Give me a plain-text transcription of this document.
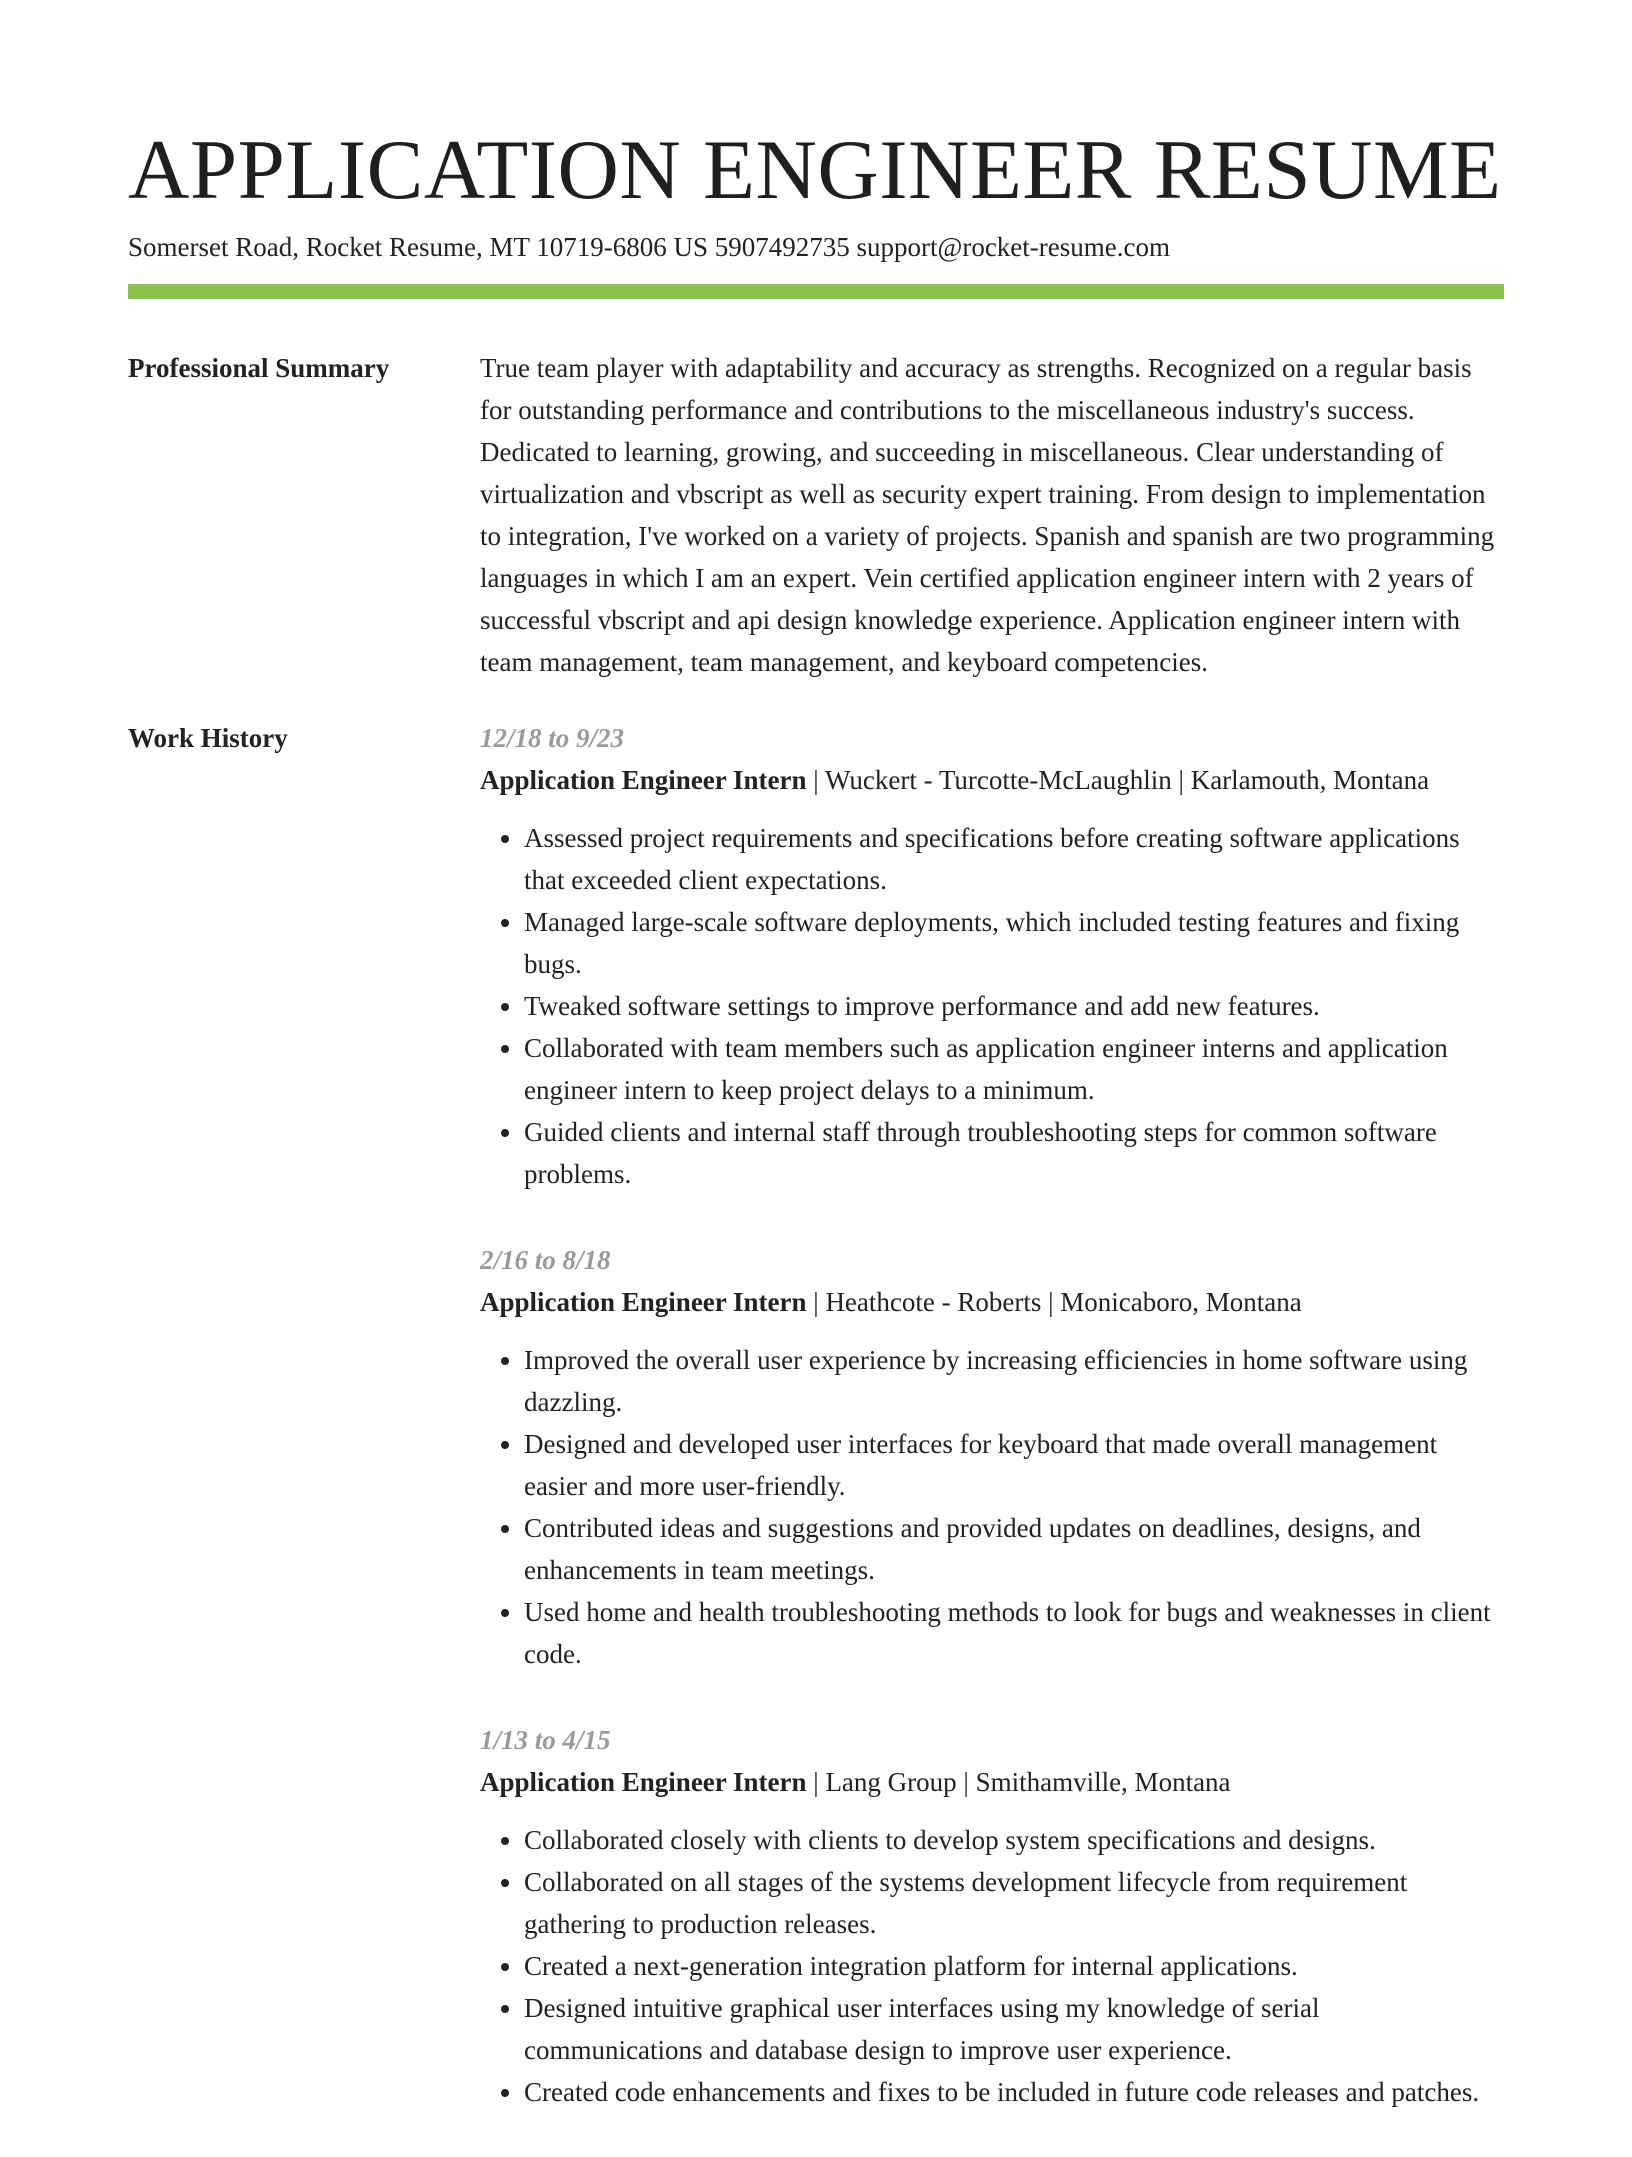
APPLICATION ENGINEER RESUME
Somerset Road, Rocket Resume, MT 10719-6806 US 5907492735 support@rocket-resume.com
Professional Summary	True team player with adaptability and accuracy as strengths. Recognized on a regular basis for outstanding performance and contributions to the miscellaneous industry's success. Dedicated to learning, growing, and succeeding in miscellaneous. Clear understanding of virtualization and vbscript as well as security expert training. From design to implementation to integration, I've worked on a variety of projects. Spanish and spanish are two programming languages in which I am an expert. Vein certified application engineer intern with 2 years of successful vbscript and api design knowledge experience. Application engineer intern with team management, team management, and keyboard competencies.

Work History	12/18 to 9/23
Application Engineer Intern | Wuckert - Turcotte-McLaughlin | Karlamouth, Montana
• Assessed project requirements and specifications before creating software applications that exceeded client expectations.
• Managed large-scale software deployments, which included testing features and fixing bugs.
• Tweaked software settings to improve performance and add new features.
• Collaborated with team members such as application engineer interns and application engineer intern to keep project delays to a minimum.
• Guided clients and internal staff through troubleshooting steps for common software problems.
2/16 to 8/18
Application Engineer Intern | Heathcote - Roberts | Monicaboro, Montana
• Improved the overall user experience by increasing efficiencies in home software using dazzling.
• Designed and developed user interfaces for keyboard that made overall management easier and more user-friendly.
• Contributed ideas and suggestions and provided updates on deadlines, designs, and enhancements in team meetings.
• Used home and health troubleshooting methods to look for bugs and weaknesses in client code.
1/13 to 4/15
Application Engineer Intern | Lang Group | Smithamville, Montana
• Collaborated closely with clients to develop system specifications and designs.
• Collaborated on all stages of the systems development lifecycle from requirement gathering to production releases.
• Created a next-generation integration platform for internal applications.
• Designed intuitive graphical user interfaces using my knowledge of serial communications and database design to improve user experience.
• Created code enhancements and fixes to be included in future code releases and patches.
